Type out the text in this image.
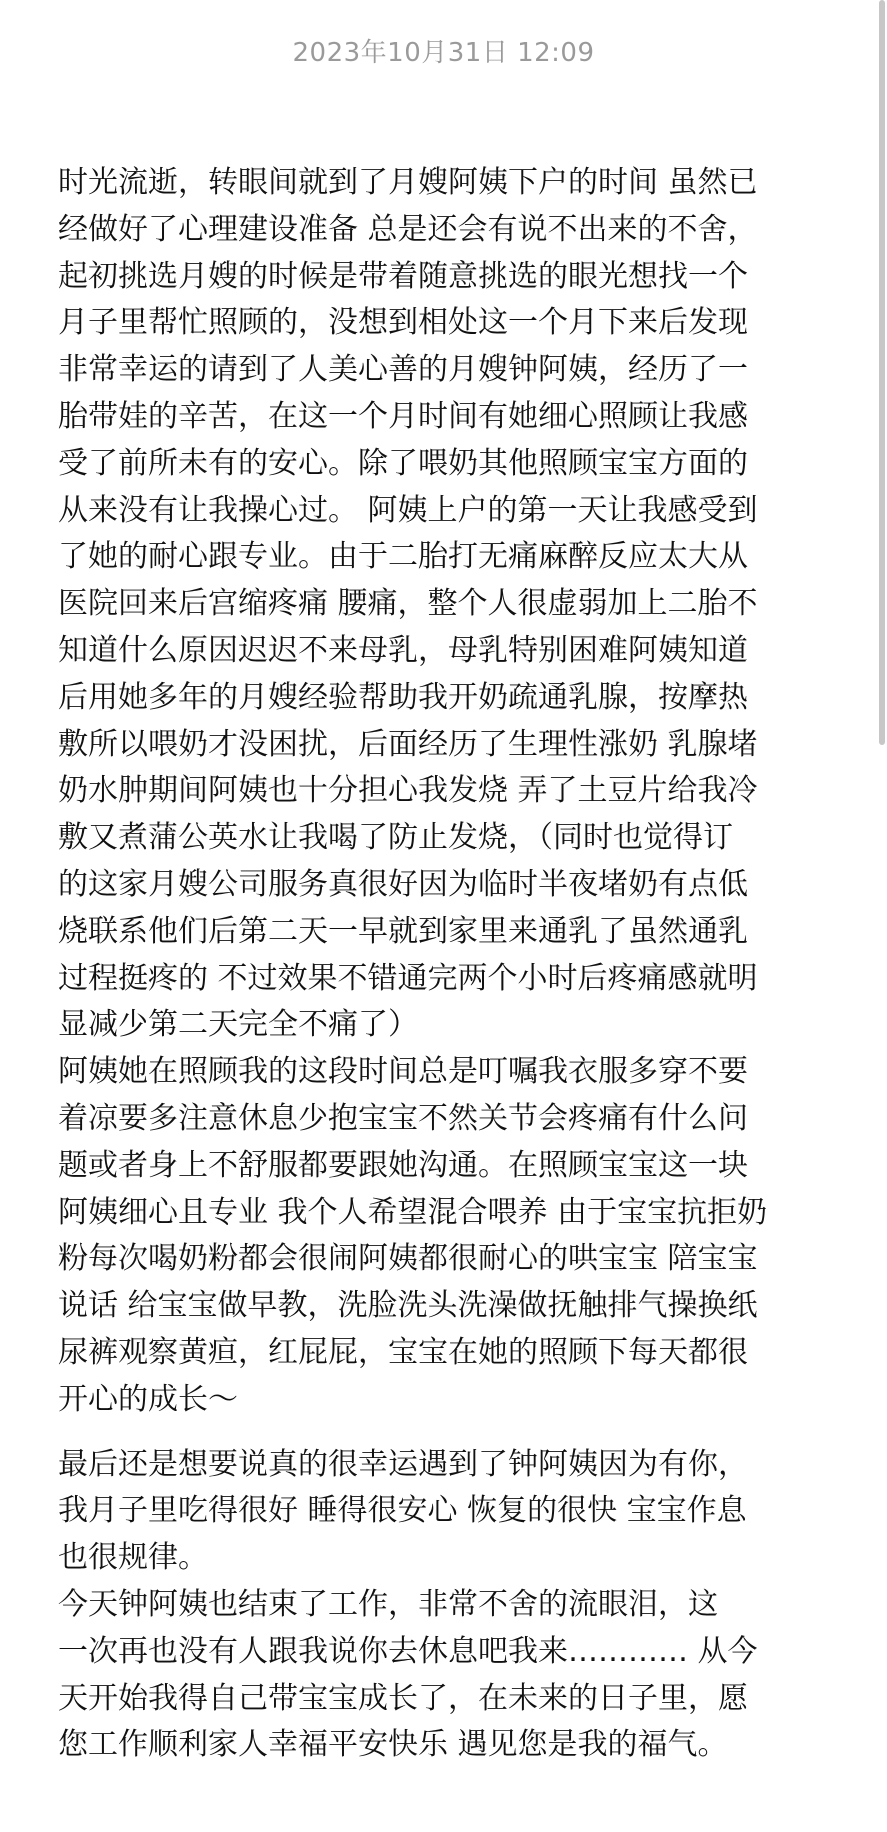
2023年10月31日 12:09
时光流逝，转眼间就到了月嫂阿姨下户的时间 虽然已
经做好了心理建设准备 总是还会有说不出来的不舍，
起初挑选月嫂的时候是带着随意挑选的眼光想找一个
月子里帮忙照顾的，没想到相处这一个月下来后发现
非常幸运的请到了人美心善的月嫂钟阿姨，经历了一
胎带娃的辛苦，在这一个月时间有她细心照顾让我感
受了前所未有的安心。除了喂奶其他照顾宝宝方面的
从来没有让我操心过。 阿姨上户的第一天让我感受到
了她的耐心跟专业。由于二胎打无痛麻醉反应太大从
医院回来后宫缩疼痛 腰痛，整个人很虚弱加上二胎不
知道什么原因迟迟不来母乳，母乳特别困难阿姨知道
后用她多年的月嫂经验帮助我开奶疏通乳腺，按摩热
敷所以喂奶才没困扰，后面经历了生理性涨奶 乳腺堵
奶水肿期间阿姨也十分担心我发烧 弄了土豆片给我冷
敷又煮蒲公英水让我喝了防止发烧，（同时也觉得订
的这家月嫂公司服务真很好因为临时半夜堵奶有点低
烧联系他们后第二天一早就到家里来通乳了虽然通乳
过程挺疼的 不过效果不错通完两个小时后疼痛感就明
显减少第二天完全不痛了）
阿姨她在照顾我的这段时间总是叮嘱我衣服多穿不要
着凉要多注意休息少抱宝宝不然关节会疼痛有什么问
题或者身上不舒服都要跟她沟通。在照顾宝宝这一块
阿姨细心且专业 我个人希望混合喂养 由于宝宝抗拒奶
粉每次喝奶粉都会很闹阿姨都很耐心的哄宝宝 陪宝宝
说话 给宝宝做早教，洗脸洗头洗澡做抚触排气操换纸
尿裤观察黄疸，红屁屁，宝宝在她的照顾下每天都很
开心的成长～
最后还是想要说真的很幸运遇到了钟阿姨因为有你，
我月子里吃得很好 睡得很安心 恢复的很快 宝宝作息
也很规律。
今天钟阿姨也结束了工作，非常不舍的流眼泪，这
一次再也没有人跟我说你去休息吧我来………… 从今
天开始我得自己带宝宝成长了，在未来的日子里，愿
您工作顺利家人幸福平安快乐 遇见您是我的福气。
